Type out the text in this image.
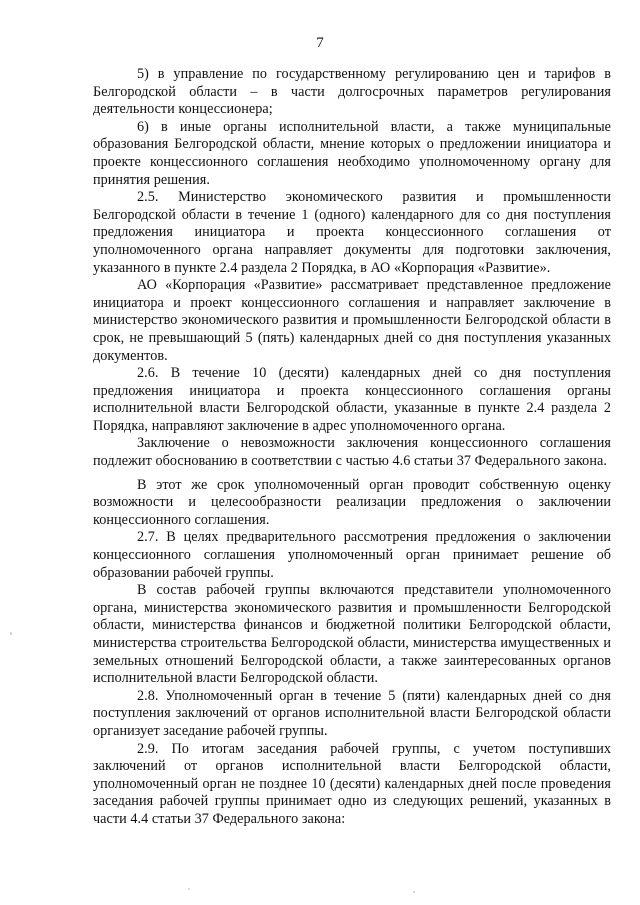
7

5) в управление по государственному регулированию цен и тарифов в Белгородской области – в части долгосрочных параметров регулирования деятельности концессионера;

6) в иные органы исполнительной власти, а также муниципальные образования Белгородской области, мнение которых о предложении инициатора и проекте концессионного соглашения необходимо уполномоченному органу для принятия решения.

2.5. Министерство экономического развития и промышленности Белгородской области в течение 1 (одного) календарного для со дня поступления предложения инициатора и проекта концессионного соглашения от уполномоченного органа направляет документы для подготовки заключения, указанного в пункте 2.4 раздела 2 Порядка, в АО «Корпорация «Развитие».

АО «Корпорация «Развитие» рассматривает представленное предложение инициатора и проект концессионного соглашения и направляет заключение в министерство экономического развития и промышленности Белгородской области в срок, не превышающий 5 (пять) календарных дней со дня поступления указанных документов.

2.6. В течение 10 (десяти) календарных дней со дня поступления предложения инициатора и проекта концессионного соглашения органы исполнительной власти Белгородской области, указанные в пункте 2.4 раздела 2 Порядка, направляют заключение в адрес уполномоченного органа.

Заключение о невозможности заключения концессионного соглашения подлежит обоснованию в соответствии с частью 4.6 статьи 37 Федерального закона.

В этот же срок уполномоченный орган проводит собственную оценку возможности и целесообразности реализации предложения о заключении концессионного соглашения.

2.7. В целях предварительного рассмотрения предложения о заключении концессионного соглашения уполномоченный орган принимает решение об образовании рабочей группы.

В состав рабочей группы включаются представители уполномоченного органа, министерства экономического развития и промышленности Белгородской области, министерства финансов и бюджетной политики Белгородской области, министерства строительства Белгородской области, министерства имущественных и земельных отношений Белгородской области, а также заинтересованных органов исполнительной власти Белгородской области.

2.8. Уполномоченный орган в течение 5 (пяти) календарных дней со дня поступления заключений от органов исполнительной власти Белгородской области организует заседание рабочей группы.

2.9. По итогам заседания рабочей группы, с учетом поступивших заключений от органов исполнительной власти Белгородской области, уполномоченный орган не позднее 10 (десяти) календарных дней после проведения заседания рабочей группы принимает одно из следующих решений, указанных в части 4.4 статьи 37 Федерального закона:
